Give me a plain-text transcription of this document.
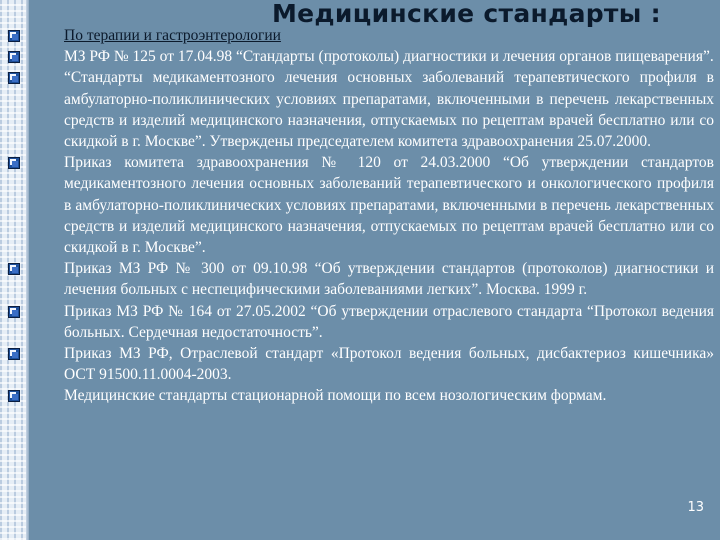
Медицинские стандарты :
По терапии и гастроэнтерологии
МЗ РФ № 125 от 17.04.98 “Стандарты (протоколы) диагностики и лечения органов пищеварения”.
“Стандарты медикаментозного лечения основных заболеваний терапевтического профиля в амбулаторно-поликлинических условиях препаратами, включенными в перечень лекарственных средств и изделий медицинского назначения, отпускаемых по рецептам врачей бесплатно или со скидкой в г. Москве”. Утверждены председателем комитета здравоохранения 25.07.2000.
Приказ комитета здравоохранения № 120 от 24.03.2000 “Об утверждении стандартов медикаментозного лечения основных заболеваний терапевтического и онкологического профиля в амбулаторно-поликлинических условиях препаратами, включенными в перечень лекарственных средств и изделий медицинского назначения, отпускаемых по рецептам врачей бесплатно или со скидкой в г. Москве”.
Приказ МЗ РФ № 300 от 09.10.98 “Об утверждении стандартов (протоколов) диагностики и лечения больных с неспецифическими заболеваниями легких”. Москва. 1999 г.
Приказ МЗ РФ № 164 от 27.05.2002 “Об утверждении отраслевого стандарта “Протокол ведения больных. Сердечная недостаточность”.
Приказ МЗ РФ, Отраслевой стандарт «Протокол ведения больных, дисбактериоз кишечника» ОСТ 91500.11.0004-2003.
Медицинские стандарты стационарной помощи по всем нозологическим формам.
13
